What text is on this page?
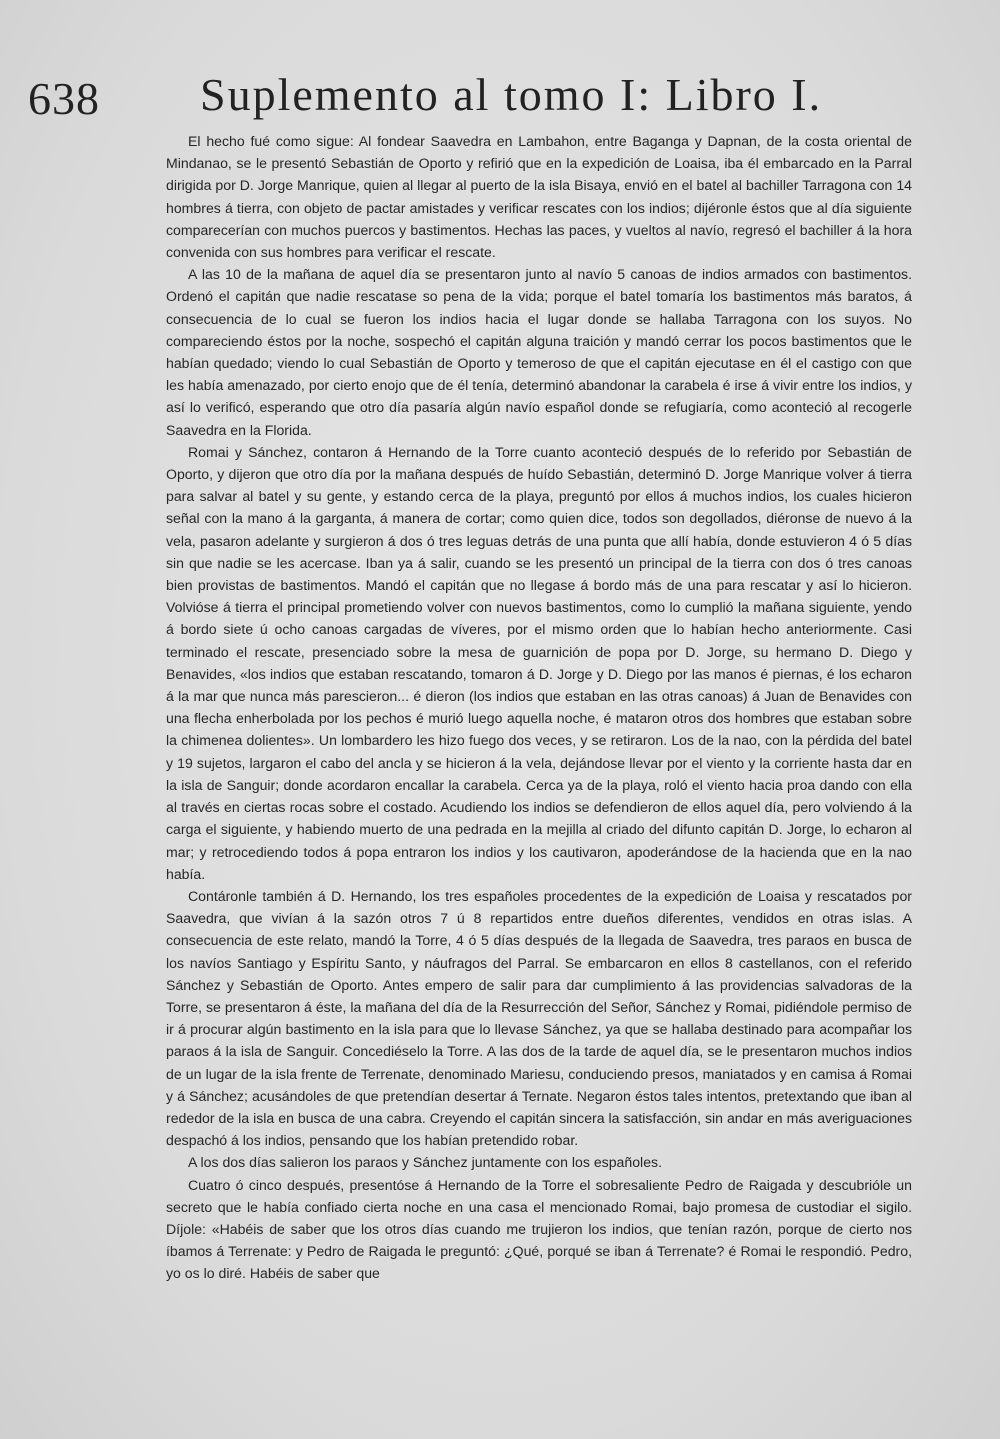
638 Suplemento al tomo I: Libro I.

El hecho fué como sigue: Al fondear Saavedra en Lambahon, entre Baganga y Dapnan, de la costa oriental de Mindanao, se le presentó Sebastián de Oporto y refirió que en la expedición de Loaisa, iba él embarcado en la Parral dirigida por D. Jorge Manrique, quien al llegar al puerto de la isla Bisaya, envió en el batel al bachiller Tarragona con 14 hombres á tierra, con objeto de pactar amistades y verificar rescates con los indios; dijéronle éstos que al día siguiente comparecerían con muchos puercos y bastimentos. Hechas las paces, y vueltos al navío, regresó el bachiller á la hora convenida con sus hombres para verificar el rescate.

A las 10 de la mañana de aquel día se presentaron junto al navío 5 canoas de indios armados con bastimentos. Ordenó el capitán que nadie rescatase so pena de la vida; porque el batel tomaría los bastimentos más baratos, á consecuencia de lo cual se fueron los indios hacia el lugar donde se hallaba Tarragona con los suyos. No compareciendo éstos por la noche, sospechó el capitán alguna traición y mandó cerrar los pocos bastimentos que le habían quedado; viendo lo cual Sebastián de Oporto y temeroso de que el capitán ejecutase en él el castigo con que les había amenazado, por cierto enojo que de él tenía, determinó abandonar la carabela é irse á vivir entre los indios, y así lo verificó, esperando que otro día pasaría algún navío español donde se refugiaría, como aconteció al recogerle Saavedra en la Florida.

Romai y Sánchez, contaron á Hernando de la Torre cuanto aconteció después de lo referido por Sebastián de Oporto, y dijeron que otro día por la mañana después de huído Sebastián, determinó D. Jorge Manrique volver á tierra para salvar al batel y su gente, y estando cerca de la playa, preguntó por ellos á muchos indios, los cuales hicieron señal con la mano á la garganta, á manera de cortar; como quien dice, todos son degollados, diéronse de nuevo á la vela, pasaron adelante y surgieron á dos ó tres leguas detrás de una punta que allí había, donde estuvieron 4 ó 5 días sin que nadie se les acercase. Iban ya á salir, cuando se les presentó un principal de la tierra con dos ó tres canoas bien provistas de bastimentos. Mandó el capitán que no llegase á bordo más de una para rescatar y así lo hicieron. Volvióse á tierra el principal prometiendo volver con nuevos bastimentos, como lo cumplió la mañana siguiente, yendo á bordo siete ú ocho canoas cargadas de víveres, por el mismo orden que lo habían hecho anteriormente. Casi terminado el rescate, presenciado sobre la mesa de guarnición de popa por D. Jorge, su hermano D. Diego y Benavides, «los indios que estaban rescatando, tomaron á D. Jorge y D. Diego por las manos é piernas, é los echaron á la mar que nunca más parescieron... é dieron (los indios que estaban en las otras canoas) á Juan de Benavides con una flecha enherbolada por los pechos é murió luego aquella noche, é mataron otros dos hombres que estaban sobre la chimenea dolientes». Un lombardero les hizo fuego dos veces, y se retiraron. Los de la nao, con la pérdida del batel y 19 sujetos, largaron el cabo del ancla y se hicieron á la vela, dejándose llevar por el viento y la corriente hasta dar en la isla de Sanguir; donde acordaron encallar la carabela. Cerca ya de la playa, roló el viento hacia proa dando con ella al través en ciertas rocas sobre el costado. Acudiendo los indios se defendieron de ellos aquel día, pero volviendo á la carga el siguiente, y habiendo muerto de una pedrada en la mejilla al criado del difunto capitán D. Jorge, lo echaron al mar; y retrocediendo todos á popa entraron los indios y los cautivaron, apoderándose de la hacienda que en la nao había.

Contáronle también á D. Hernando, los tres españoles procedentes de la expedición de Loaisa y rescatados por Saavedra, que vivían á la sazón otros 7 ú 8 repartidos entre dueños diferentes, vendidos en otras islas. A consecuencia de este relato, mandó la Torre, 4 ó 5 días después de la llegada de Saavedra, tres paraos en busca de los navíos Santiago y Espíritu Santo, y náufragos del Parral. Se embarcaron en ellos 8 castellanos, con el referido Sánchez y Sebastián de Oporto. Antes empero de salir para dar cumplimiento á las providencias salvadoras de la Torre, se presentaron á éste, la mañana del día de la Resurrección del Señor, Sánchez y Romai, pidiéndole permiso de ir á procurar algún bastimento en la isla para que lo llevase Sánchez, ya que se hallaba destinado para acompañar los paraos á la isla de Sanguir. Concediéselo la Torre. A las dos de la tarde de aquel día, se le presentaron muchos indios de un lugar de la isla frente de Terrenate, denominado Mariesu, conduciendo presos, maniatados y en camisa á Romai y á Sánchez; acusándoles de que pretendían desertar á Ternate. Negaron éstos tales intentos, pretextando que iban al rededor de la isla en busca de una cabra. Creyendo el capitán sincera la satisfacción, sin andar en más averiguaciones despachó á los indios, pensando que los habían pretendido robar.

A los dos días salieron los paraos y Sánchez juntamente con los españoles.

Cuatro ó cinco después, presentóse á Hernando de la Torre el sobresaliente Pedro de Raigada y descubrióle un secreto que le había confiado cierta noche en una casa el mencionado Romai, bajo promesa de custodiar el sigilo. Díjole: «Habéis de saber que los otros días cuando me trujieron los indios, que tenían razón, porque de cierto nos íbamos á Terrenate: y Pedro de Raigada le preguntó: ¿Qué, porqué se iban á Terrenate? é Romai le respondió. Pedro, yo os lo diré. Habéis de saber que
